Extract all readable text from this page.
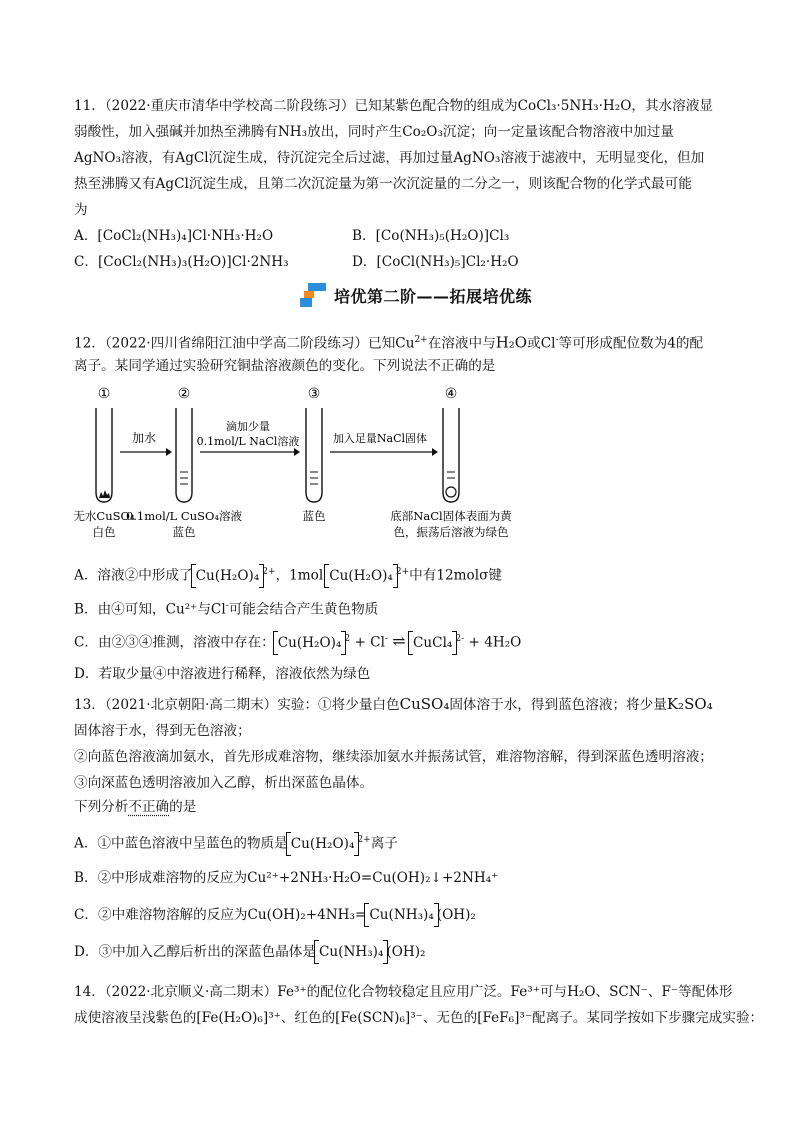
11．（2022·重庆市清华中学校高二阶段练习）已知某紫色配合物的组成为CoCl₃·5NH₃·H₂O，其水溶液显
弱酸性，加入强碱并加热至沸腾有NH₃放出，同时产生Co₂O₃沉淀；向一定量该配合物溶液中加过量
AgNO₃溶液，有AgCl沉淀生成，待沉淀完全后过滤，再加过量AgNO₃溶液于滤液中，无明显变化，但加
热至沸腾又有AgCl沉淀生成，且第二次沉淀量为第一次沉淀量的二分之一，则该配合物的化学式最可能
为
A．[CoCl₂(NH₃)₄]Cl·NH₃·H₂O	B．[Co(NH₃)₅(H₂O)]Cl₃
C．[CoCl₂(NH₃)₃(H₂O)]Cl·2NH₃	D．[CoCl(NH₃)₅]Cl₂·H₂O
培优第二阶——拓展培优练
12．（2022·四川省绵阳江油中学高二阶段练习）已知$Cu^{2+}$在溶液中与H₂O或Cl-等可形成配位数为4的配
离子。某同学通过实验研究铜盐溶液颜色的变化。下列说法不正确的是
①	②	③	④
加水
滴加少量
0.1mol/L NaCl溶液	加入足量NaCl固体
无水CuSO₄
白色
0.1mol/L CuSO₄溶液
蓝色
蓝色	底部NaCl固体表面为黄
色，振荡后溶液为绿色
A．溶液②中形成了 Cu(H₂O)₄ $^{2+}$，1mol Cu(H₂O)₄ $^{2+}$中有12molσ键
B．由④可知，Cu²⁺与Cl-可能会结合产生黄色物质
C．由②③④推测，溶液中存在： Cu(H₂O)₄ $^2$ + Cl- ⇌ CuCl₄ $^{2-}$ + 4H₂O
D．若取少量④中溶液进行稀释，溶液依然为绿色
13．（2021·北京朝阳·高二期末）实验：①将少量白色CuSO₄固体溶于水，得到蓝色溶液；将少量K₂SO₄
固体溶于水，得到无色溶液；
②向蓝色溶液滴加氨水，首先形成难溶物，继续添加氨水并振荡试管，难溶物溶解，得到深蓝色透明溶液；
③向深蓝色透明溶液加入乙醇，析出深蓝色晶体。
下列分析不正确的是
A．①中蓝色溶液中呈蓝色的物质是 Cu(H₂O)₄ $^{2+}$离子
B．②中形成难溶物的反应为Cu²⁺+2NH₃·H₂O=Cu(OH)₂↓+2NH₄⁺
C．②中难溶物溶解的反应为Cu(OH)₂+4NH₃= Cu(NH₃)₄ (OH)₂
D．③中加入乙醇后析出的深蓝色晶体是 Cu(NH₃)₄ (OH)₂
14．（2022·北京顺义·高二期末）Fe³⁺的配位化合物较稳定且应用广泛。Fe³⁺可与H₂O、SCN⁻、F⁻等配体形
成使溶液呈浅紫色的[Fe(H₂O)₆]³⁺、红色的[Fe(SCN)₆]³⁻、无色的[FeF₆]³⁻配离子。某同学按如下步骤完成实验：
